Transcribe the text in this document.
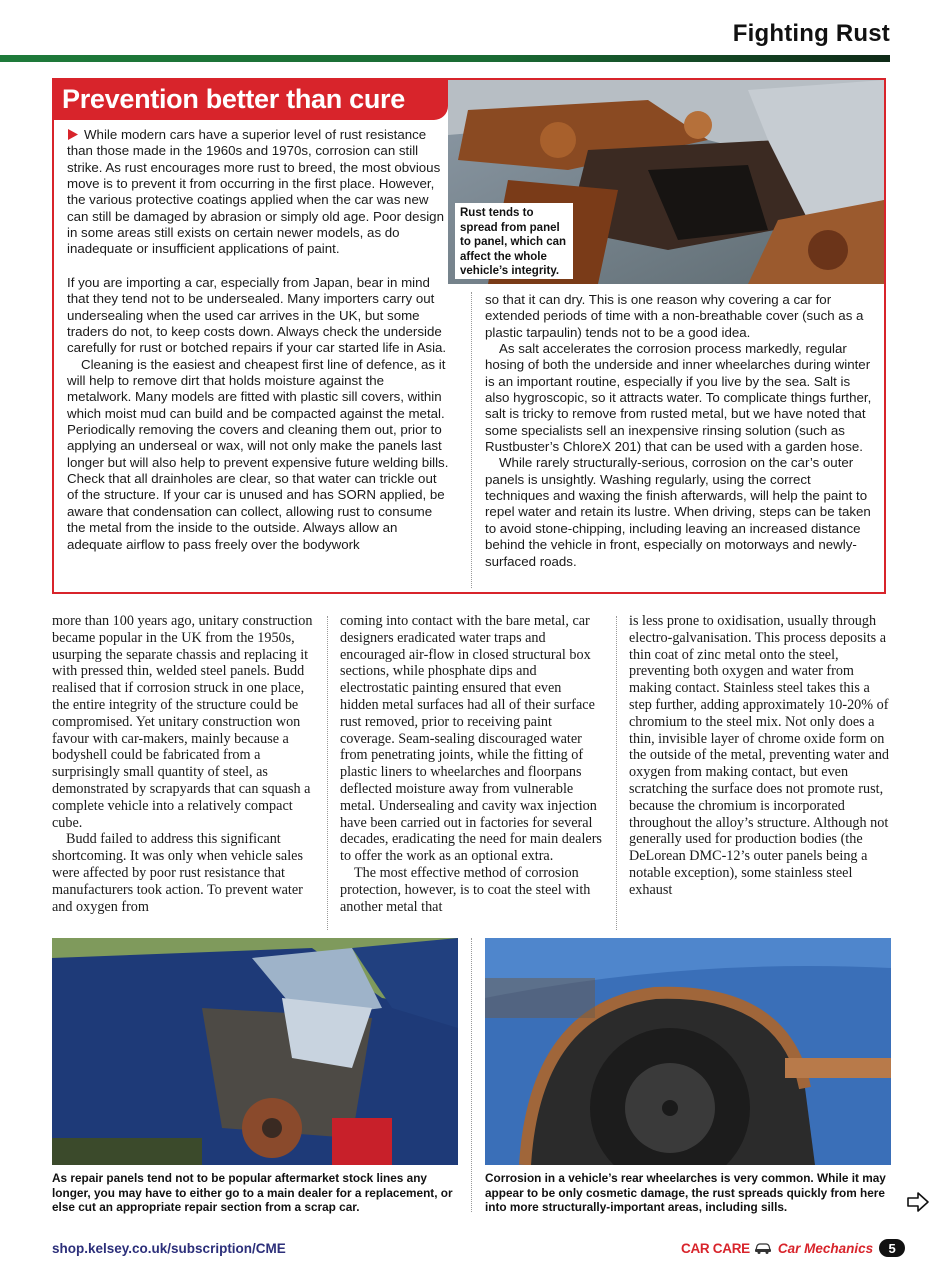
Fighting Rust
Prevention better than cure
Rust tends to spread from panel to panel, which can affect the whole vehicle’s integrity.

While modern cars have a superior level of rust resistance than those made in the 1960s and 1970s, corrosion can still strike. As rust encourages more rust to breed, the most obvious move is to prevent it from occurring in the first place. However, the various protective coatings applied when the car was new can still be damaged by abrasion or simply old age. Poor design in some areas still exists on certain newer models, as do inadequate or insufficient applications of paint.

If you are importing a car, especially from Japan, bear in mind that they tend not to be undersealed. Many importers carry out undersealing when the used car arrives in the UK, but some traders do not, to keep costs down. Always check the underside carefully for rust or botched repairs if your car started life in Asia.

Cleaning is the easiest and cheapest first line of defence, as it will help to remove dirt that holds moisture against the metalwork. Many models are fitted with plastic sill covers, within which moist mud can build and be compacted against the metal. Periodically removing the covers and cleaning them out, prior to applying an underseal or wax, will not only make the panels last longer but will also help to prevent expensive future welding bills. Check that all drainholes are clear, so that water can trickle out of the structure. If your car is unused and has SORN applied, be aware that condensation can collect, allowing rust to consume the metal from the inside to the outside. Always allow an adequate airflow to pass freely over the bodywork

so that it can dry. This is one reason why covering a car for extended periods of time with a non-breathable cover (such as a plastic tarpaulin) tends not to be a good idea.

As salt accelerates the corrosion process markedly, regular hosing of both the underside and inner wheelarches during winter is an important routine, especially if you live by the sea. Salt is also hygroscopic, so it attracts water. To complicate things further, salt is tricky to remove from rusted metal, but we have noted that some specialists sell an inexpensive rinsing solution (such as Rustbuster’s ChloreX 201) that can be used with a garden hose.

While rarely structurally-serious, corrosion on the car’s outer panels is unsightly. Washing regularly, using the correct techniques and waxing the finish afterwards, will help the paint to repel water and retain its lustre. When driving, steps can be taken to avoid stone-chipping, including leaving an increased distance behind the vehicle in front, especially on motorways and newly-surfaced roads.

more than 100 years ago, unitary construction became popular in the UK from the 1950s, usurping the separate chassis and replacing it with pressed thin, welded steel panels. Budd realised that if corrosion struck in one place, the entire integrity of the structure could be compromised. Yet unitary construction won favour with car-makers, mainly because a bodyshell could be fabricated from a surprisingly small quantity of steel, as demonstrated by scrapyards that can squash a complete vehicle into a relatively compact cube.

Budd failed to address this significant shortcoming. It was only when vehicle sales were affected by poor rust resistance that manufacturers took action. To prevent water and oxygen from

coming into contact with the bare metal, car designers eradicated water traps and encouraged air-flow in closed structural box sections, while phosphate dips and electrostatic painting ensured that even hidden metal surfaces had all of their surface rust removed, prior to receiving paint coverage. Seam-sealing discouraged water from penetrating joints, while the fitting of plastic liners to wheelarches and floorpans deflected moisture away from vulnerable metal. Undersealing and cavity wax injection have been carried out in factories for several decades, eradicating the need for main dealers to offer the work as an optional extra.

The most effective method of corrosion protection, however, is to coat the steel with another metal that

is less prone to oxidisation, usually through electro-galvanisation. This process deposits a thin coat of zinc metal onto the steel, preventing both oxygen and water from making contact. Stainless steel takes this a step further, adding approximately 10-20% of chromium to the steel mix. Not only does a thin, invisible layer of chrome oxide form on the outside of the metal, preventing water and oxygen from making contact, but even scratching the surface does not promote rust, because the chromium is incorporated throughout the alloy’s structure. Although not generally used for production bodies (the DeLorean DMC-12’s outer panels being a notable exception), some stainless steel exhaust

As repair panels tend not to be popular aftermarket stock lines any longer, you may have to either go to a main dealer for a replacement, or else cut an appropriate repair section from a scrap car.
Corrosion in a vehicle’s rear wheelarches is very common. While it may appear to be only cosmetic damage, the rust spreads quickly from here into more structurally-important areas, including sills.
shop.kelsey.co.uk/subscription/CME	CAR CARE Car Mechanics	5
